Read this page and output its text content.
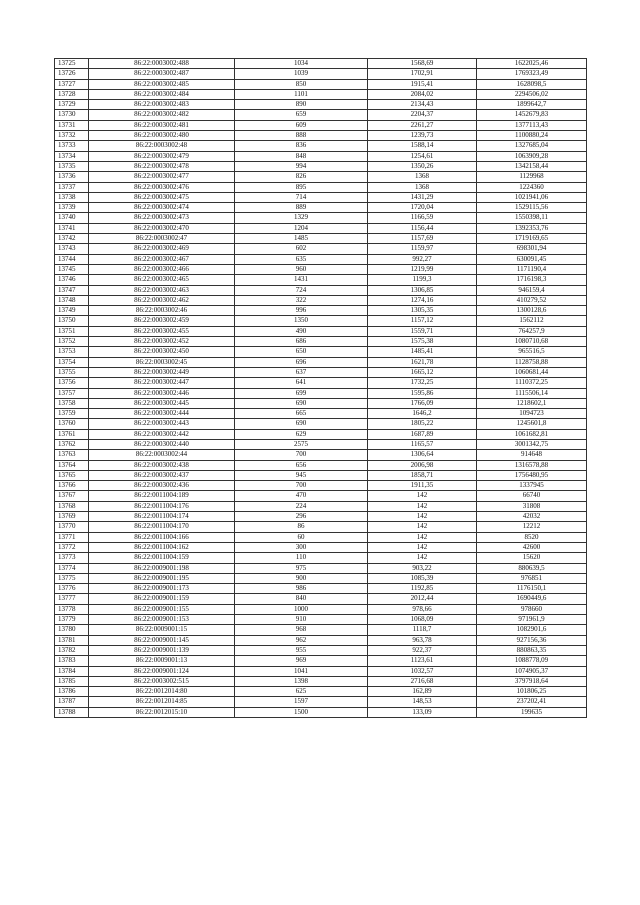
13725	86:22:0003002:488	1034	1568,69	1622025,46
13726	86:22:0003002:487	1039	1702,91	1769323,49
13727	86:22:0003002:485	850	1915,41	1628098,5
13728	86:22:0003002:484	1101	2084,02	2294506,02
13729	86:22:0003002:483	890	2134,43	1899642,7
13730	86:22:0003002:482	659	2204,37	1452679,83
13731	86:22:0003002:481	609	2261,27	1377113,43
13732	86:22:0003002:480	888	1239,73	1100880,24
13733	86:22:0003002:48	836	1588,14	1327685,04
13734	86:22:0003002:479	848	1254,61	1063909,28
13735	86:22:0003002:478	994	1350,26	1342158,44
13736	86:22:0003002:477	826	1368	1129968
13737	86:22:0003002:476	895	1368	1224360
13738	86:22:0003002:475	714	1431,29	1021941,06
13739	86:22:0003002:474	889	1720,04	1529115,56
13740	86:22:0003002:473	1329	1166,59	1550398,11
13741	86:22:0003002:470	1204	1156,44	1392353,76
13742	86:22:0003002:47	1485	1157,69	1719169,65
13743	86:22:0003002:469	602	1159,97	698301,94
13744	86:22:0003002:467	635	992,27	630091,45
13745	86:22:0003002:466	960	1219,99	1171190,4
13746	86:22:0003002:465	1431	1199,3	1716198,3
13747	86:22:0003002:463	724	1306,85	946159,4
13748	86:22:0003002:462	322	1274,16	410279,52
13749	86:22:0003002:46	996	1305,35	1300128,6
13750	86:22:0003002:459	1350	1157,12	1562112
13751	86:22:0003002:455	490	1559,71	764257,9
13752	86:22:0003002:452	686	1575,38	1080710,68
13753	86:22:0003002:450	650	1485,41	965516,5
13754	86:22:0003002:45	696	1621,78	1128758,88
13755	86:22:0003002:449	637	1665,12	1060681,44
13756	86:22:0003002:447	641	1732,25	1110372,25
13757	86:22:0003002:446	699	1595,86	1115506,14
13758	86:22:0003002:445	690	1766,09	1218602,1
13759	86:22:0003002:444	665	1646,2	1094723
13760	86:22:0003002:443	690	1805,22	1245601,8
13761	86:22:0003002:442	629	1687,89	1061682,81
13762	86:22:0003002:440	2575	1165,57	3001342,75
13763	86:22:0003002:44	700	1306,64	914648
13764	86:22:0003002:438	656	2006,98	1316578,88
13765	86:22:0003002:437	945	1858,71	1756480,95
13766	86:22:0003002:436	700	1911,35	1337945
13767	86:22:0011004:189	470	142	66740
13768	86:22:0011004:176	224	142	31808
13769	86:22:0011004:174	296	142	42032
13770	86:22:0011004:170	86	142	12212
13771	86:22:0011004:166	60	142	8520
13772	86:22:0011004:162	300	142	42600
13773	86:22:0011004:159	110	142	15620
13774	86:22:0009001:198	975	903,22	880639,5
13775	86:22:0009001:195	900	1085,39	976851
13776	86:22:0009001:173	986	1192,85	1176150,1
13777	86:22:0009001:159	840	2012,44	1690449,6
13778	86:22:0009001:155	1000	978,66	978660
13779	86:22:0009001:153	910	1068,09	971961,9
13780	86:22:0009001:15	968	1118,7	1082901,6
13781	86:22:0009001:145	962	963,78	927156,36
13782	86:22:0009001:139	955	922,37	880863,35
13783	86:22:0009001:13	969	1123,61	1088778,09
13784	86:22:0009001:124	1041	1032,57	1074905,37
13785	86:22:0003002:515	1398	2716,68	3797918,64
13786	86:22:0012014:80	625	162,89	101806,25
13787	86:22:0012014:85	1597	148,53	237202,41
13788	86:22:0012015:10	1500	133,09	199635
